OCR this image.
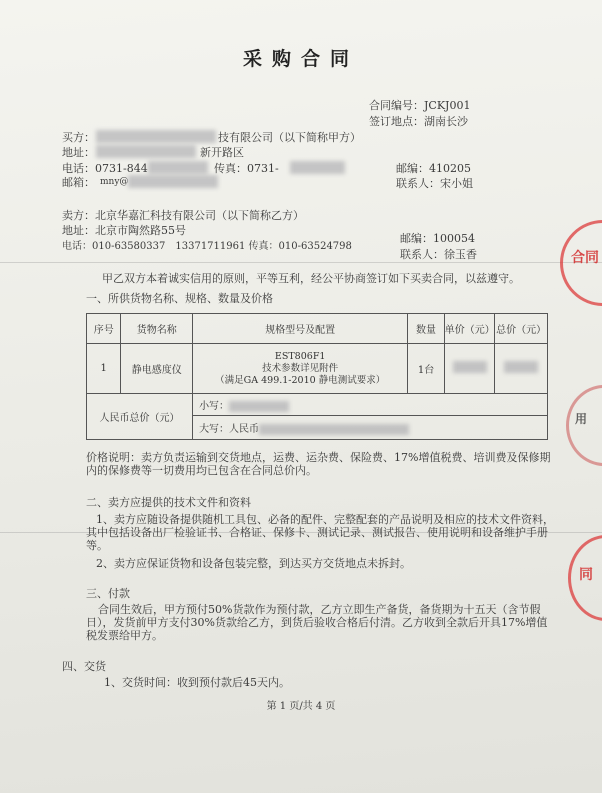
采购合同
合同编号：JCKJ001
签订地点：湖南长沙
买方：	技有限公司（以下简称甲方）
地址：	新开路区
电话：0731-844	传真：0731-
邮箱： mny@
邮编：410205
联系人：宋小姐
卖方：北京华嘉汇科技有限公司（以下简称乙方）
地址：北京市陶然路55号
电话：010-63580337　13371711961 传真：010-63524798
邮编：100054
联系人：徐玉香
甲乙双方本着诚实信用的原则，平等互利，经公平协商签订如下买卖合同，以兹遵守。
一、所供货物名称、规格、数量及价格
序号	货物名称	规格型号及配置	数量	单价（元）	总价（元）
1	静电感度仪	EST806F1
技术参数详见附件
（满足GA 499.1-2010 静电测试要求）	1台		
人民币总价（元）		小写：			
		大写：人民币			
价格说明：卖方负责运输到交货地点，运费、运杂费、保险费、17%增值税费、培训费及保修期内的保修费等一切费用均已包含在合同总价内。
二、卖方应提供的技术文件和资料
1、卖方应随设备提供随机工具包、必备的配件、完整配套的产品说明及相应的技术文件资料，其中包括设备出厂检验证书、合格证、保修卡、测试记录、测试报告、使用说明和设备维护手册等。
2、卖方应保证货物和设备包装完整，到达买方交货地点未拆封。
三、付款
合同生效后，甲方预付50%货款作为预付款，乙方立即生产备货，备货期为十五天（含节假日），发货前甲方支付30%货款给乙方，到货后验收合格后付清。乙方收到全款后开具17%增值税发票给甲方。
四、交货
1、交货时间：收到预付款后45天内。
第 1 页/共 4 页
合同
用
同
